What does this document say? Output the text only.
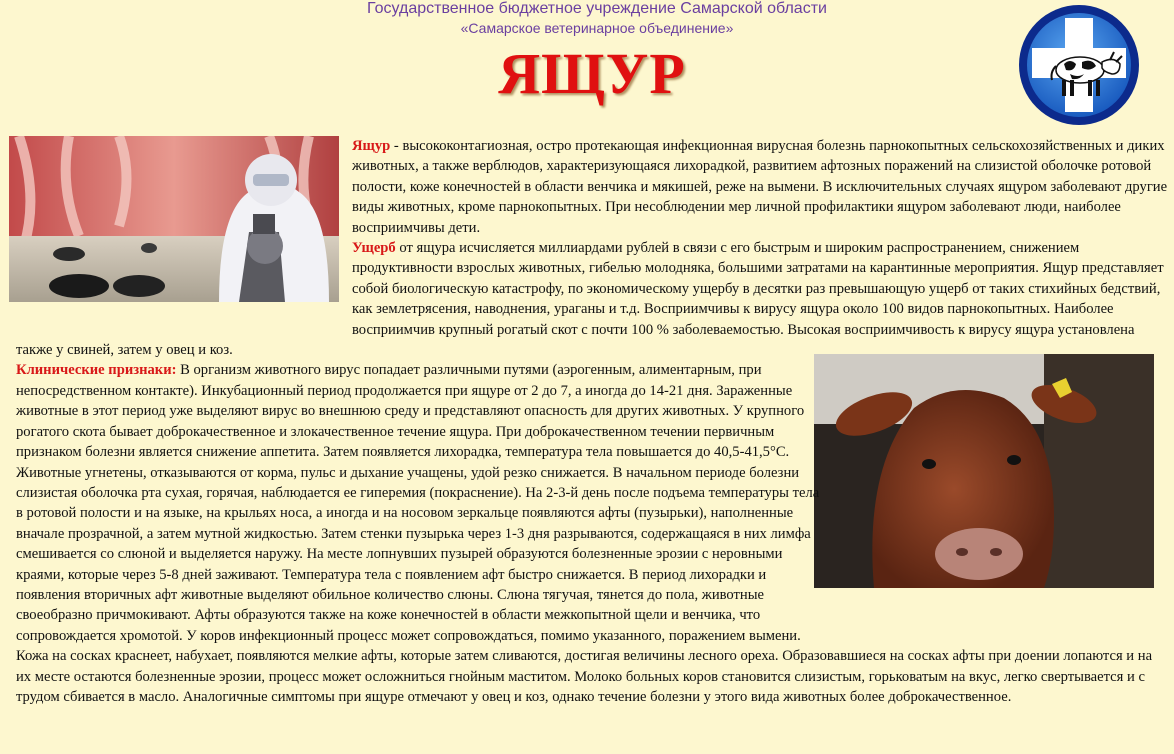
Государственное бюджетное учреждение Самарской области
«Самарское ветеринарное объединение»
ЯЩУР

Ящур - высококонтагиозная, остро протекающая инфекционная вирусная болезнь парнокопытных сельскохозяйственных и диких животных, а также верблюдов, характеризующаяся лихорадкой, развитием афтозных поражений на слизистой оболочке ротовой полости, коже конечностей в области венчика и мякишей, реже на вымени. В исключительных случаях ящуром заболевают другие виды животных, кроме парнокопытных. При несоблюдении мер личной профилактики ящуром заболевают люди, наиболее восприимчивы дети.

Ущерб от ящура исчисляется миллиардами рублей в связи с его быстрым и широким распространением, снижением продуктивности взрослых животных, гибелью молодняка, большими затратами на карантинные мероприятия. Ящур представляет собой биологическую катастрофу, по экономическому ущербу в десятки раз превышающую ущерб от таких стихийных бедствий, как землетрясения, наводнения, ураганы и т.д. Восприимчивы к вирусу ящура около 100 видов парнокопытных. Наиболее восприимчив крупный рогатый скот с почти 100 % заболеваемостью. Высокая восприимчивость к вирусу ящура установлена также у свиней, затем у овец и коз.

Клинические признаки: В организм животного вирус попадает различными путями (аэрогенным, алиментарным, при непосредственном контакте). Инкубационный период продолжается при ящуре от 2 до 7, а иногда до 14-21 дня. Зараженные животные в этот период уже выделяют вирус во внешнюю среду и представляют опасность для других животных. У крупного рогатого скота бывает доброкачественное и злокачественное течение ящура. При доброкачественном течении первичным признаком болезни является снижение аппетита. Затем появляется лихорадка, температура тела повышается до 40,5-41,5°С. Животные угнетены, отказываются от корма, пульс и дыхание учащены, удой резко снижается. В начальном периоде болезни слизистая оболочка рта сухая, горячая, наблюдается ее гиперемия (покраснение). На 2-3-й день после подъема температуры тела в ротовой полости и на языке, на крыльях носа, а иногда и на носовом зеркальце появляются афты (пузырьки), наполненные вначале прозрачной, а затем мутной жидкостью. Затем стенки пузырька через 1-3 дня разрываются, содержащаяся в них лимфа смешивается со слюной и выделяется наружу. На месте лопнувших пузырей образуются болезненные эрозии с неровными краями, которые через 5-8 дней заживают. Температура тела с появлением афт быстро снижается. В период лихорадки и появления вторичных афт животные выделяют обильное количество слюны. Слюна тягучая, тянется до пола, животные своеобразно причмокивают. Афты образуются также на коже конечностей в области межкопытной щели и венчика, что сопровождается хромотой. У коров инфекционный процесс может сопровождаться, помимо указанного, поражением вымени. Кожа на сосках краснеет, набухает, появляются мелкие афты, которые затем сливаются, достигая величины лесного ореха. Образовавшиеся на сосках афты при доении лопаются и на их месте остаются болезненные эрозии, процесс может осложниться гнойным маститом. Молоко больных коров становится слизистым, горьковатым на вкус, легко свертывается и с трудом сбивается в масло. Аналогичные симптомы при ящуре отмечают у овец и коз, однако течение болезни у этого вида животных более доброкачественное.
